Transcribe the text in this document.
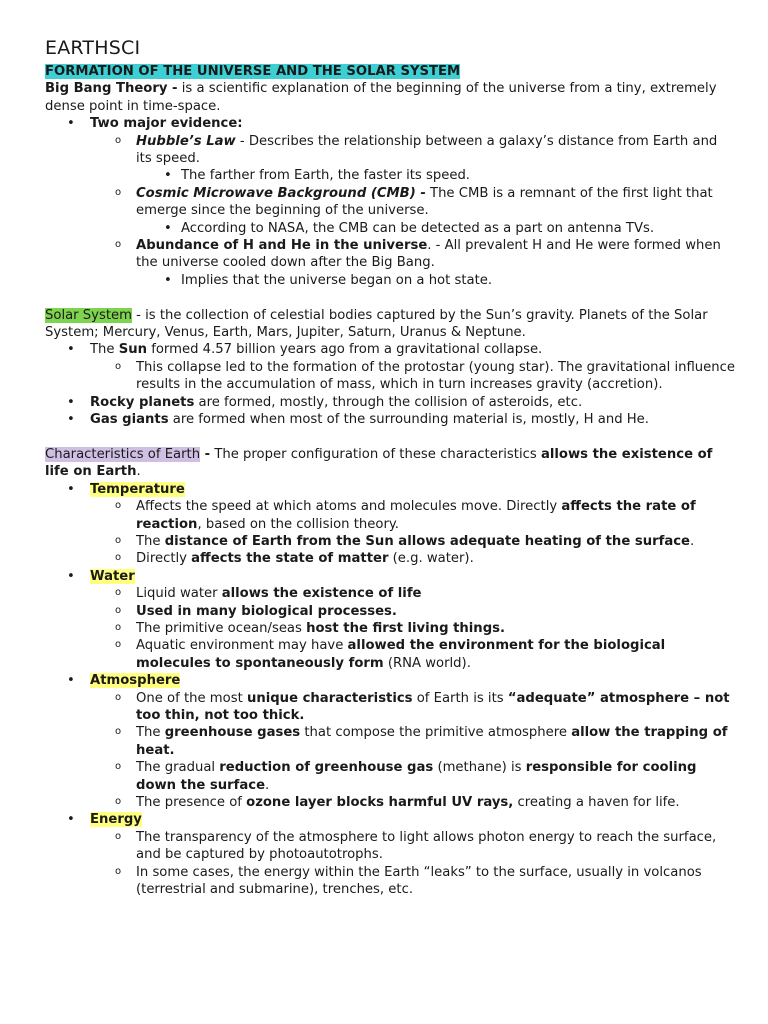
EARTHSCI
FORMATION OF THE UNIVERSE AND THE SOLAR SYSTEM
Big Bang Theory - is a scientific explanation of the beginning of the universe from a tiny, extremely dense point in time-space.
• Two major evidence:
o Hubble’s Law - Describes the relationship between a galaxy’s distance from Earth and its speed.
• The farther from Earth, the faster its speed.
o Cosmic Microwave Background (CMB) - The CMB is a remnant of the first light that emerge since the beginning of the universe.
• According to NASA, the CMB can be detected as a part on antenna TVs.
o Abundance of H and He in the universe. - All prevalent H and He were formed when the universe cooled down after the Big Bang.
• Implies that the universe began on a hot state.
Solar System - is the collection of celestial bodies captured by the Sun’s gravity. Planets of the Solar System; Mercury, Venus, Earth, Mars, Jupiter, Saturn, Uranus & Neptune.
• The Sun formed 4.57 billion years ago from a gravitational collapse.
o This collapse led to the formation of the protostar (young star). The gravitational influence results in the accumulation of mass, which in turn increases gravity (accretion).
• Rocky planets are formed, mostly, through the collision of asteroids, etc.
• Gas giants are formed when most of the surrounding material is, mostly, H and He.
Characteristics of Earth - The proper configuration of these characteristics allows the existence of life on Earth.
• Temperature
o Affects the speed at which atoms and molecules move. Directly affects the rate of reaction, based on the collision theory.
o The distance of Earth from the Sun allows adequate heating of the surface.
o Directly affects the state of matter (e.g. water).
• Water
o Liquid water allows the existence of life
o Used in many biological processes.
o The primitive ocean/seas host the first living things.
o Aquatic environment may have allowed the environment for the biological molecules to spontaneously form (RNA world).
• Atmosphere
o One of the most unique characteristics of Earth is its “adequate” atmosphere – not too thin, not too thick.
o The greenhouse gases that compose the primitive atmosphere allow the trapping of heat.
o The gradual reduction of greenhouse gas (methane) is responsible for cooling down the surface.
o The presence of ozone layer blocks harmful UV rays, creating a haven for life.
• Energy
o The transparency of the atmosphere to light allows photon energy to reach the surface, and be captured by photoautotrophs.
o In some cases, the energy within the Earth “leaks” to the surface, usually in volcanos (terrestrial and submarine), trenches, etc.
